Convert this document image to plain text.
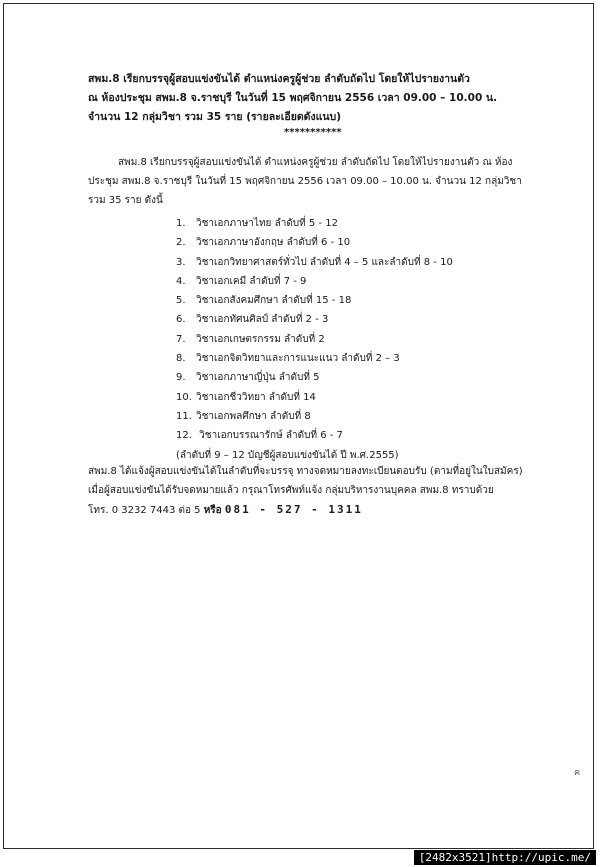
สพม.8 เรียกบรรจุผู้สอบแข่งขันได้ ตำแหน่งครูผู้ช่วย ลำดับถัดไป โดยให้ไปรายงานตัว
ณ ห้องประชุม สพม.8 จ.ราชบุรี ในวันที่ 15 พฤศจิกายน 2556 เวลา 09.00 – 10.00 น.
จำนวน 12 กลุ่มวิชา รวม 35 ราย (รายละเอียดดังแนบ)
***********
สพม.8 เรียกบรรจุผู้สอบแข่งขันได้ ตำแหน่งครูผู้ช่วย ลำดับถัดไป โดยให้ไปรายงานตัว ณ ห้อง
ประชุม สพม.8 จ.ราชบุรี ในวันที่ 15 พฤศจิกายน 2556 เวลา 09.00 – 10.00 น. จำนวน 12 กลุ่มวิชา
รวม 35 ราย ดังนี้
1. วิชาเอกภาษาไทย ลำดับที่ 5 - 12
2. วิชาเอกภาษาอังกฤษ ลำดับที่ 6 - 10
3. วิชาเอกวิทยาศาสตร์ทั่วไป ลำดับที่ 4 – 5 และลำดับที่ 8 - 10
4. วิชาเอกเคมี ลำดับที่ 7 - 9
5. วิชาเอกสังคมศึกษา ลำดับที่ 15 - 18
6. วิชาเอกทัศนศิลป์ ลำดับที่ 2 - 3
7. วิชาเอกเกษตรกรรม ลำดับที่ 2
8. วิชาเอกจิตวิทยาและการแนะแนว ลำดับที่ 2 – 3
9. วิชาเอกภาษาญี่ปุ่น ลำดับที่ 5
10. วิชาเอกชีววิทยา ลำดับที่ 14
11. วิชาเอกพลศึกษา ลำดับที่ 8
12. วิชาเอกบรรณารักษ์ ลำดับที่ 6 - 7
(ลำดับที่ 9 – 12 บัญชีผู้สอบแข่งขันได้ ปี พ.ศ.2555)
สพม.8 ได้แจ้งผู้สอบแข่งขันได้ในลำดับที่จะบรรจุ ทางจดหมายลงทะเบียนตอบรับ (ตามที่อยู่ในใบสมัคร)
เมื่อผู้สอบแข่งขันได้รับจดหมายแล้ว กรุณาโทรศัพท์แจ้ง กลุ่มบริหารงานบุคคล สพม.8 ทราบด้วย
โทร. 0 3232 7443 ต่อ 5 หรือ 081 - 527 - 1311
ค
[2482x3521]http://upic.me/
